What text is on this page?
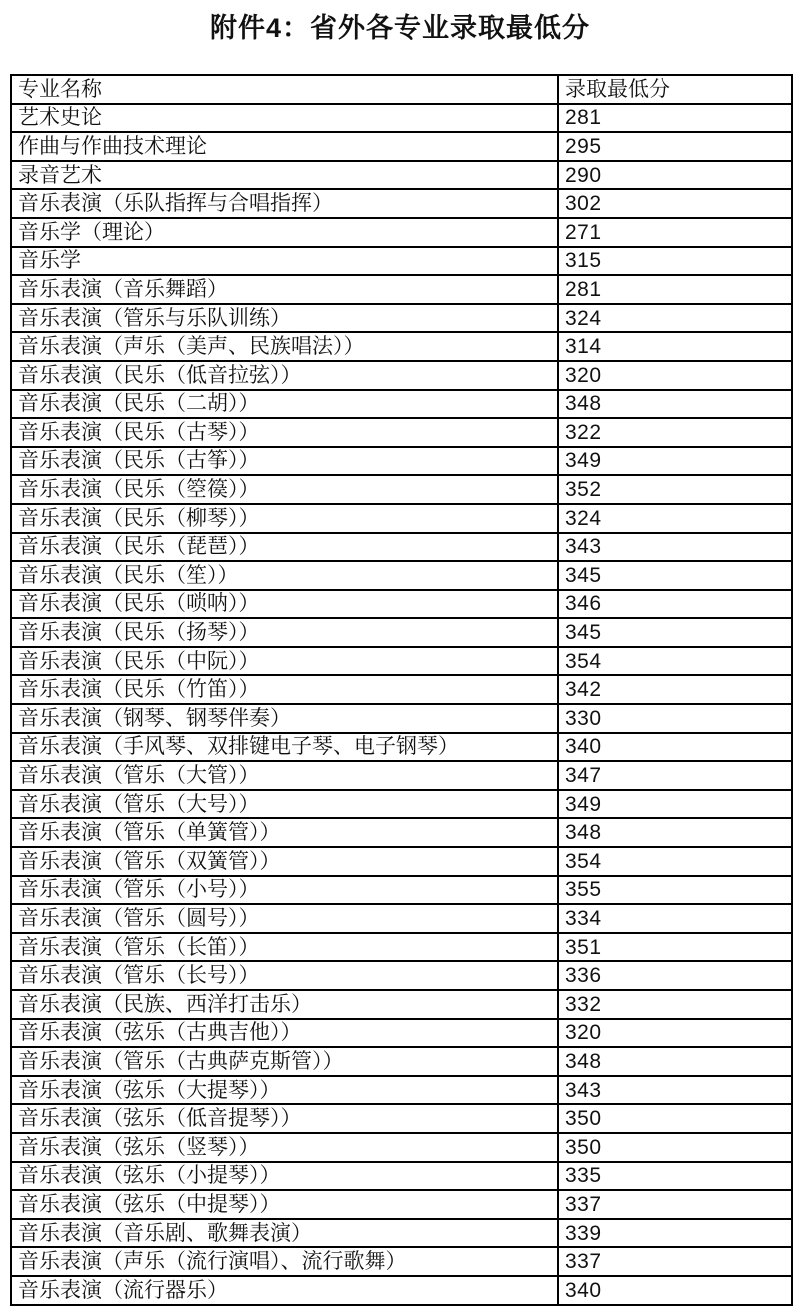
附件4：省外各专业录取最低分
专业名称	录取最低分
艺术史论	281
作曲与作曲技术理论	295
录音艺术	290
音乐表演（乐队指挥与合唱指挥）	302
音乐学（理论）	271
音乐学	315
音乐表演（音乐舞蹈）	281
音乐表演（管乐与乐队训练）	324
音乐表演（声乐（美声、民族唱法））	314
音乐表演（民乐（低音拉弦））	320
音乐表演（民乐（二胡））	348
音乐表演（民乐（古琴））	322
音乐表演（民乐（古筝））	349
音乐表演（民乐（箜篌））	352
音乐表演（民乐（柳琴））	324
音乐表演（民乐（琵琶））	343
音乐表演（民乐（笙））	345
音乐表演（民乐（唢呐））	346
音乐表演（民乐（扬琴））	345
音乐表演（民乐（中阮））	354
音乐表演（民乐（竹笛））	342
音乐表演（钢琴、钢琴伴奏）	330
音乐表演（手风琴、双排键电子琴、电子钢琴）	340
音乐表演（管乐（大管））	347
音乐表演（管乐（大号））	349
音乐表演（管乐（单簧管））	348
音乐表演（管乐（双簧管））	354
音乐表演（管乐（小号））	355
音乐表演（管乐（圆号））	334
音乐表演（管乐（长笛））	351
音乐表演（管乐（长号））	336
音乐表演（民族、西洋打击乐）	332
音乐表演（弦乐（古典吉他））	320
音乐表演（管乐（古典萨克斯管））	348
音乐表演（弦乐（大提琴））	343
音乐表演（弦乐（低音提琴））	350
音乐表演（弦乐（竖琴））	350
音乐表演（弦乐（小提琴））	335
音乐表演（弦乐（中提琴））	337
音乐表演（音乐剧、歌舞表演）	339
音乐表演（声乐（流行演唱）、流行歌舞）	337
音乐表演（流行器乐）	340
